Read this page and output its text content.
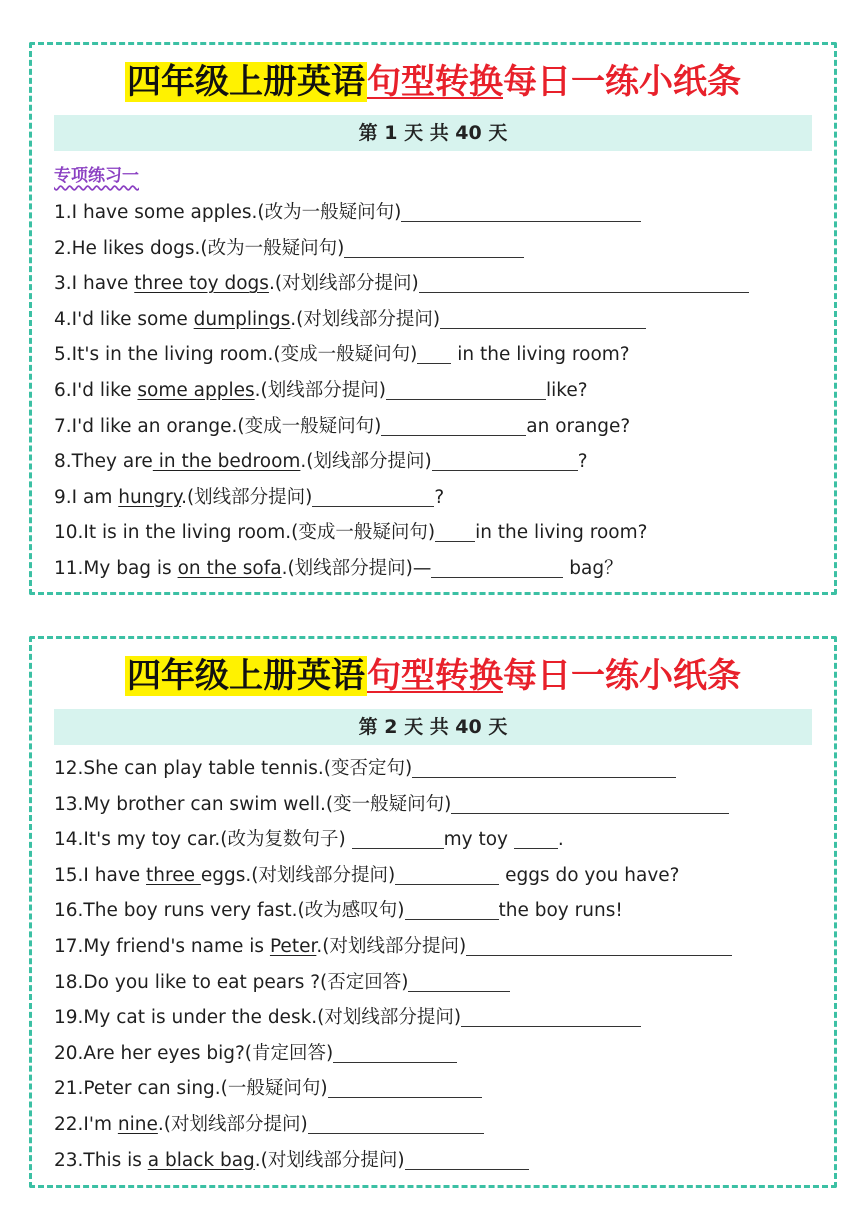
四年级上册英语句型转换每日一练小纸条
第 1 天 共 40 天
专项练习一
1.I have some apples.(改为一般疑问句)
2.He likes dogs.(改为一般疑问句)
3.I have three toy dogs.(对划线部分提问)
4.I'd like some dumplings.(对划线部分提问)
5.It's in the living room.(变成一般疑问句) in the living room?
6.I'd like some apples.(划线部分提问)	like?
7.I'd like an orange.(变成一般疑问句)	an orange?
8.They are in the bedroom.(划线部分提问)	?
9.I am hungry.(划线部分提问)	?
10.It is in the living room.(变成一般疑问句) in the living room?
11.My bag is on the sofa.(划线部分提问)—	bag？
四年级上册英语句型转换每日一练小纸条
第 2 天 共 40 天
12.She can play table tennis.(变否定句)
13.My brother can swim well.(变一般疑问句)
14.It's my toy car.(改为复数句子)	my toy .
15.I have three eggs.(对划线部分提问)	eggs do you have?
16.The boy runs very fast.(改为感叹句)	the boy runs!
17.My friend's name is Peter.(对划线部分提问)
18.Do you like to eat pears ?(否定回答)
19.My cat is under the desk.(对划线部分提问)
20.Are her eyes big?(肯定回答)
21.Peter can sing.(一般疑问句)
22.I'm nine.(对划线部分提问)
23.This is a black bag.(对划线部分提问)
